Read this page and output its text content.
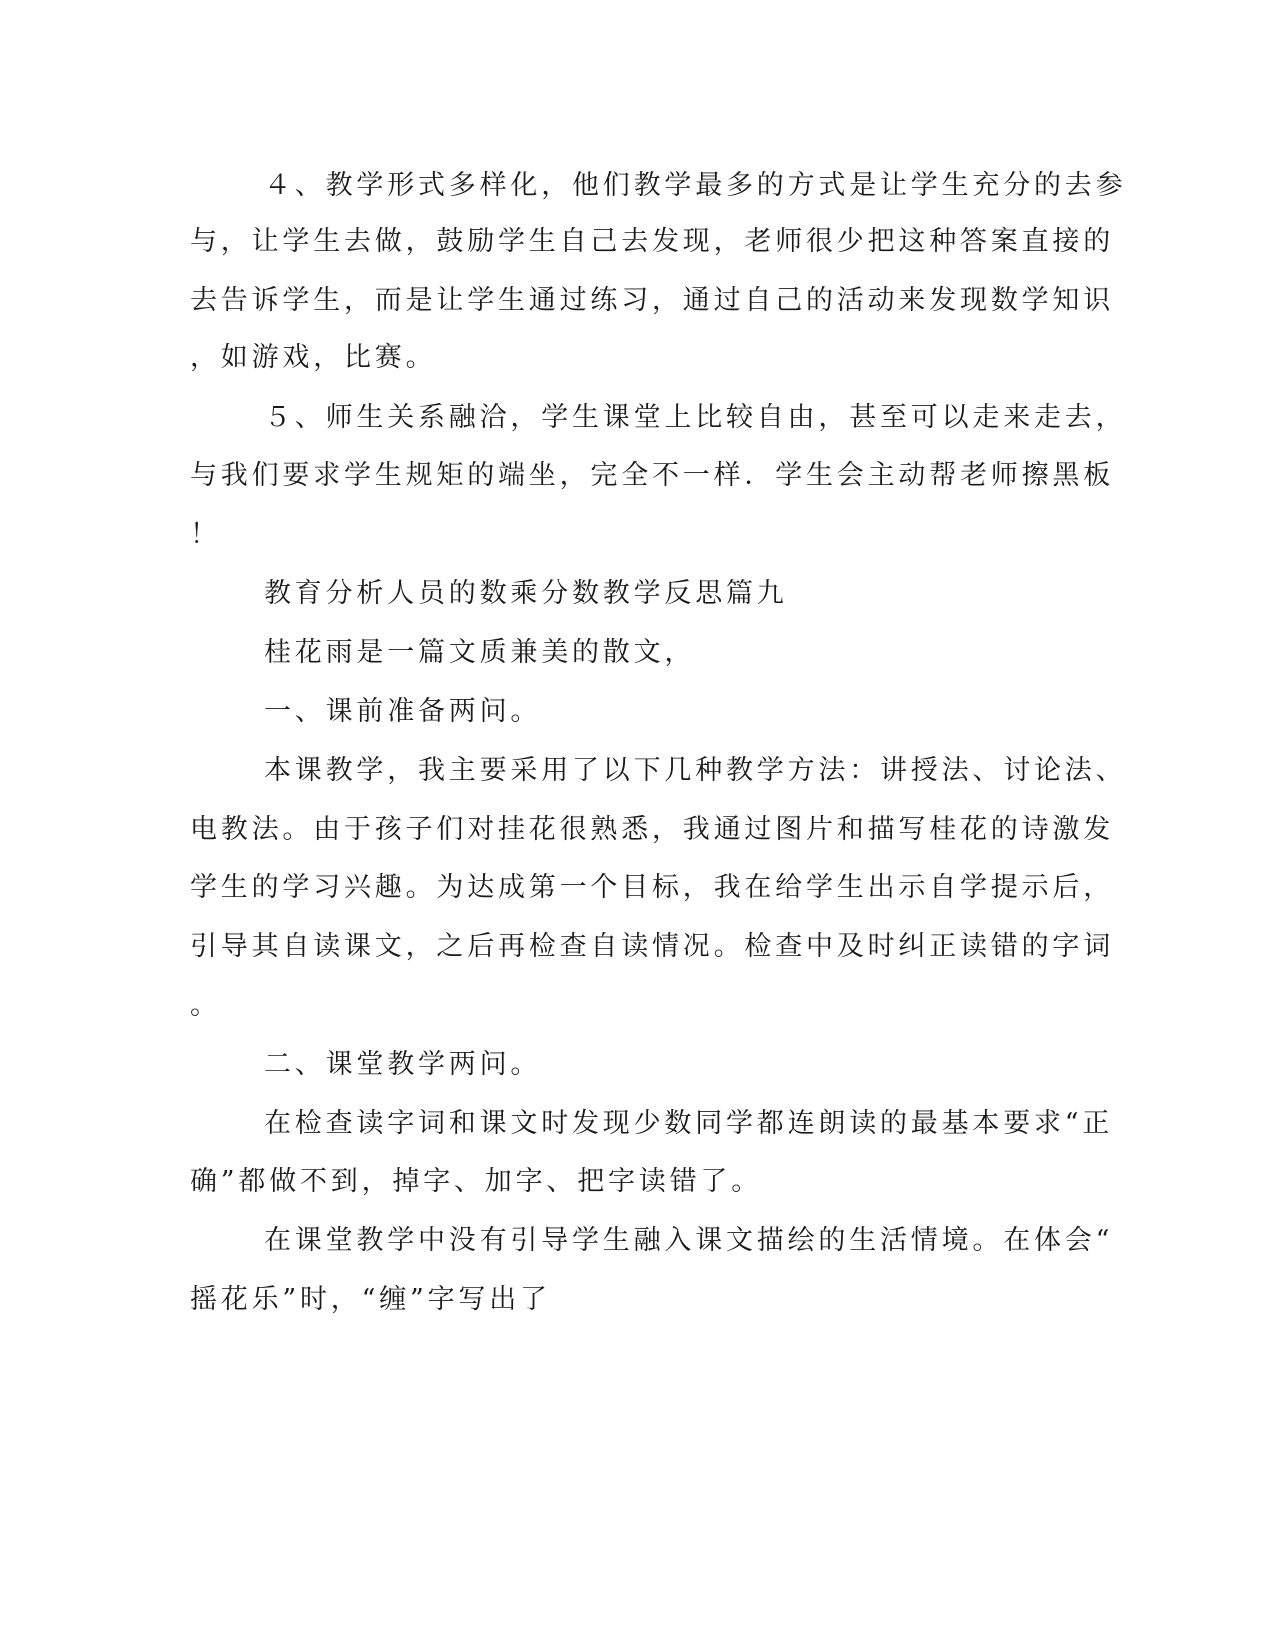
４、教学形式多样化，他们教学最多的方式是让学生充分的去参

与，让学生去做，鼓励学生自己去发现，老师很少把这种答案直接的

去告诉学生，而是让学生通过练习，通过自己的活动来发现数学知识

，如游戏，比赛。

５、师生关系融洽，学生课堂上比较自由，甚至可以走来走去，

与我们要求学生规矩的端坐，完全不一样．学生会主动帮老师擦黑板

！

教育分析人员的数乘分数教学反思篇九

桂花雨是一篇文质兼美的散文，

一、课前准备两问。

本课教学，我主要采用了以下几种教学方法：讲授法、讨论法、

电教法。由于孩子们对挂花很熟悉，我通过图片和描写桂花的诗激发

学生的学习兴趣。为达成第一个目标，我在给学生出示自学提示后，

引导其自读课文，之后再检查自读情况。检查中及时纠正读错的字词

。

二、课堂教学两问。

在检查读字词和课文时发现少数同学都连朗读的最基本要求“正

确”都做不到，掉字、加字、把字读错了。

在课堂教学中没有引导学生融入课文描绘的生活情境。在体会“

摇花乐”时，“缠”字写出了
